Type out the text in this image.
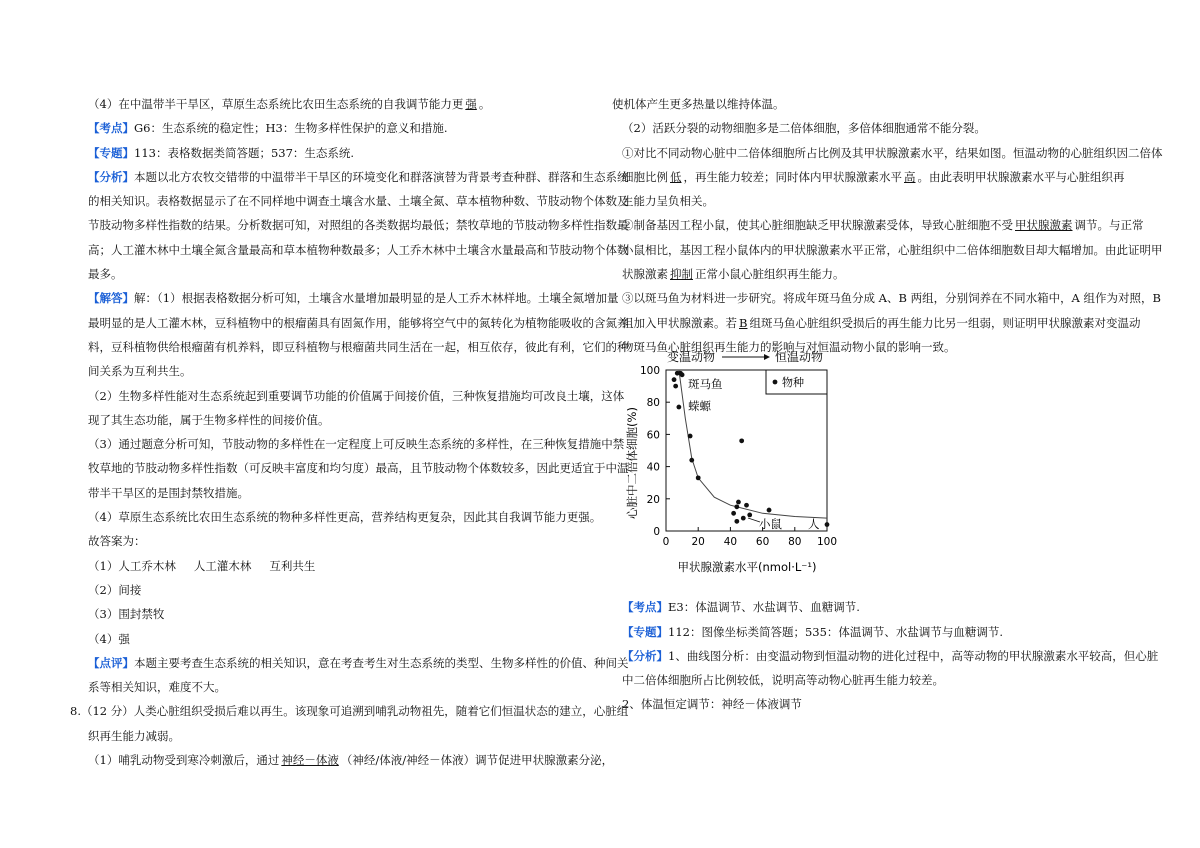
（4）在中温带半干旱区，草原生态系统比农田生态系统的自我调节能力更 强 。
【考点】G6：生态系统的稳定性；H3：生物多样性保护的意义和措施.
【专题】113：表格数据类简答题；537：生态系统.
【分析】本题以北方农牧交错带的中温带半干旱区的环境变化和群落演替为背景考查种群、群落和生态系统
的相关知识。表格数据显示了在不同样地中调查土壤含水量、土壤全氮、草本植物种数、节肢动物个体数及
节肢动物多样性指数的结果。分析数据可知，对照组的各类数据均最低；禁牧草地的节肢动物多样性指数最
高；人工灌木林中土壤全氮含量最高和草本植物种数最多；人工乔木林中土壤含水量最高和节肢动物个体数
最多。
【解答】解：（1）根据表格数据分析可知，土壤含水量增加最明显的是人工乔木林样地。土壤全氮增加量
最明显的是人工灌木林，豆科植物中的根瘤菌具有固氮作用，能够将空气中的氮转化为植物能吸收的含氮养
料，豆科植物供给根瘤菌有机养料，即豆科植物与根瘤菌共同生活在一起，相互依存，彼此有利，它们的种
间关系为互利共生。
（2）生物多样性能对生态系统起到重要调节功能的价值属于间接价值，三种恢复措施均可改良土壤，这体
现了其生态功能，属于生物多样性的间接价值。
（3）通过题意分析可知，节肢动物的多样性在一定程度上可反映生态系统的多样性，在三种恢复措施中禁
牧草地的节肢动物多样性指数（可反映丰富度和均匀度）最高，且节肢动物个体数较多，因此更适宜于中温
带半干旱区的是围封禁牧措施。
（4）草原生态系统比农田生态系统的物种多样性更高，营养结构更复杂，因此其自我调节能力更强。
故答案为：
（1）人工乔木林 人工灌木林 互利共生
（2）间接
（3）围封禁牧
（4）强
【点评】本题主要考查生态系统的相关知识，意在考查考生对生态系统的类型、生物多样性的价值、种间关
系等相关知识，难度不大。
8.（12 分）人类心脏组织受损后难以再生。该现象可追溯到哺乳动物祖先，随着它们恒温状态的建立，心脏组
织再生能力减弱。
（1）哺乳动物受到寒冷刺激后，通过 神经－体液 （神经/体液/神经－体液）调节促进甲状腺激素分泌，
使机体产生更多热量以维持体温。
（2）活跃分裂的动物细胞多是二倍体细胞，多倍体细胞通常不能分裂。
①对比不同动物心脏中二倍体细胞所占比例及其甲状腺激素水平，结果如图。恒温动物的心脏组织因二倍体
细胞比例 低 ，再生能力较差；同时体内甲状腺激素水平 高 。由此表明甲状腺激素水平与心脏组织再
生能力呈负相关。
②制备基因工程小鼠，使其心脏细胞缺乏甲状腺激素受体，导致心脏细胞不受 甲状腺激素 调节。与正常
小鼠相比，基因工程小鼠体内的甲状腺激素水平正常，心脏组织中二倍体细胞数目却大幅增加。由此证明甲
状腺激素 抑制 正常小鼠心脏组织再生能力。
③以斑马鱼为材料进一步研究。将成年斑马鱼分成 A、B 两组，分别饲养在不同水箱中，A 组作为对照，B
组加入甲状腺激素。若 B 组斑马鱼心脏组织受损后的再生能力比另一组弱，则证明甲状腺激素对变温动
物斑马鱼心脏组织再生能力的影响与对恒温动物小鼠的影响一致。
【考点】E3：体温调节、水盐调节、血糖调节.
【专题】112：图像坐标类简答题；535：体温调节、水盐调节与血糖调节.
【分析】1、曲线图分析：由变温动物到恒温动物的进化过程中，高等动物的甲状腺激素水平较高，但心脏
中二倍体细胞所占比例较低，说明高等动物心脏再生能力较差。
2、体温恒定调节：神经－体液调节
变温动物	恒温动物
心脏中二倍体细胞(%)
0
20
40
60
80
100
0 20 40 60 80 100
物种
斑马鱼
蝾螈
小鼠 人
甲状腺激素水平(nmol·L⁻¹)
